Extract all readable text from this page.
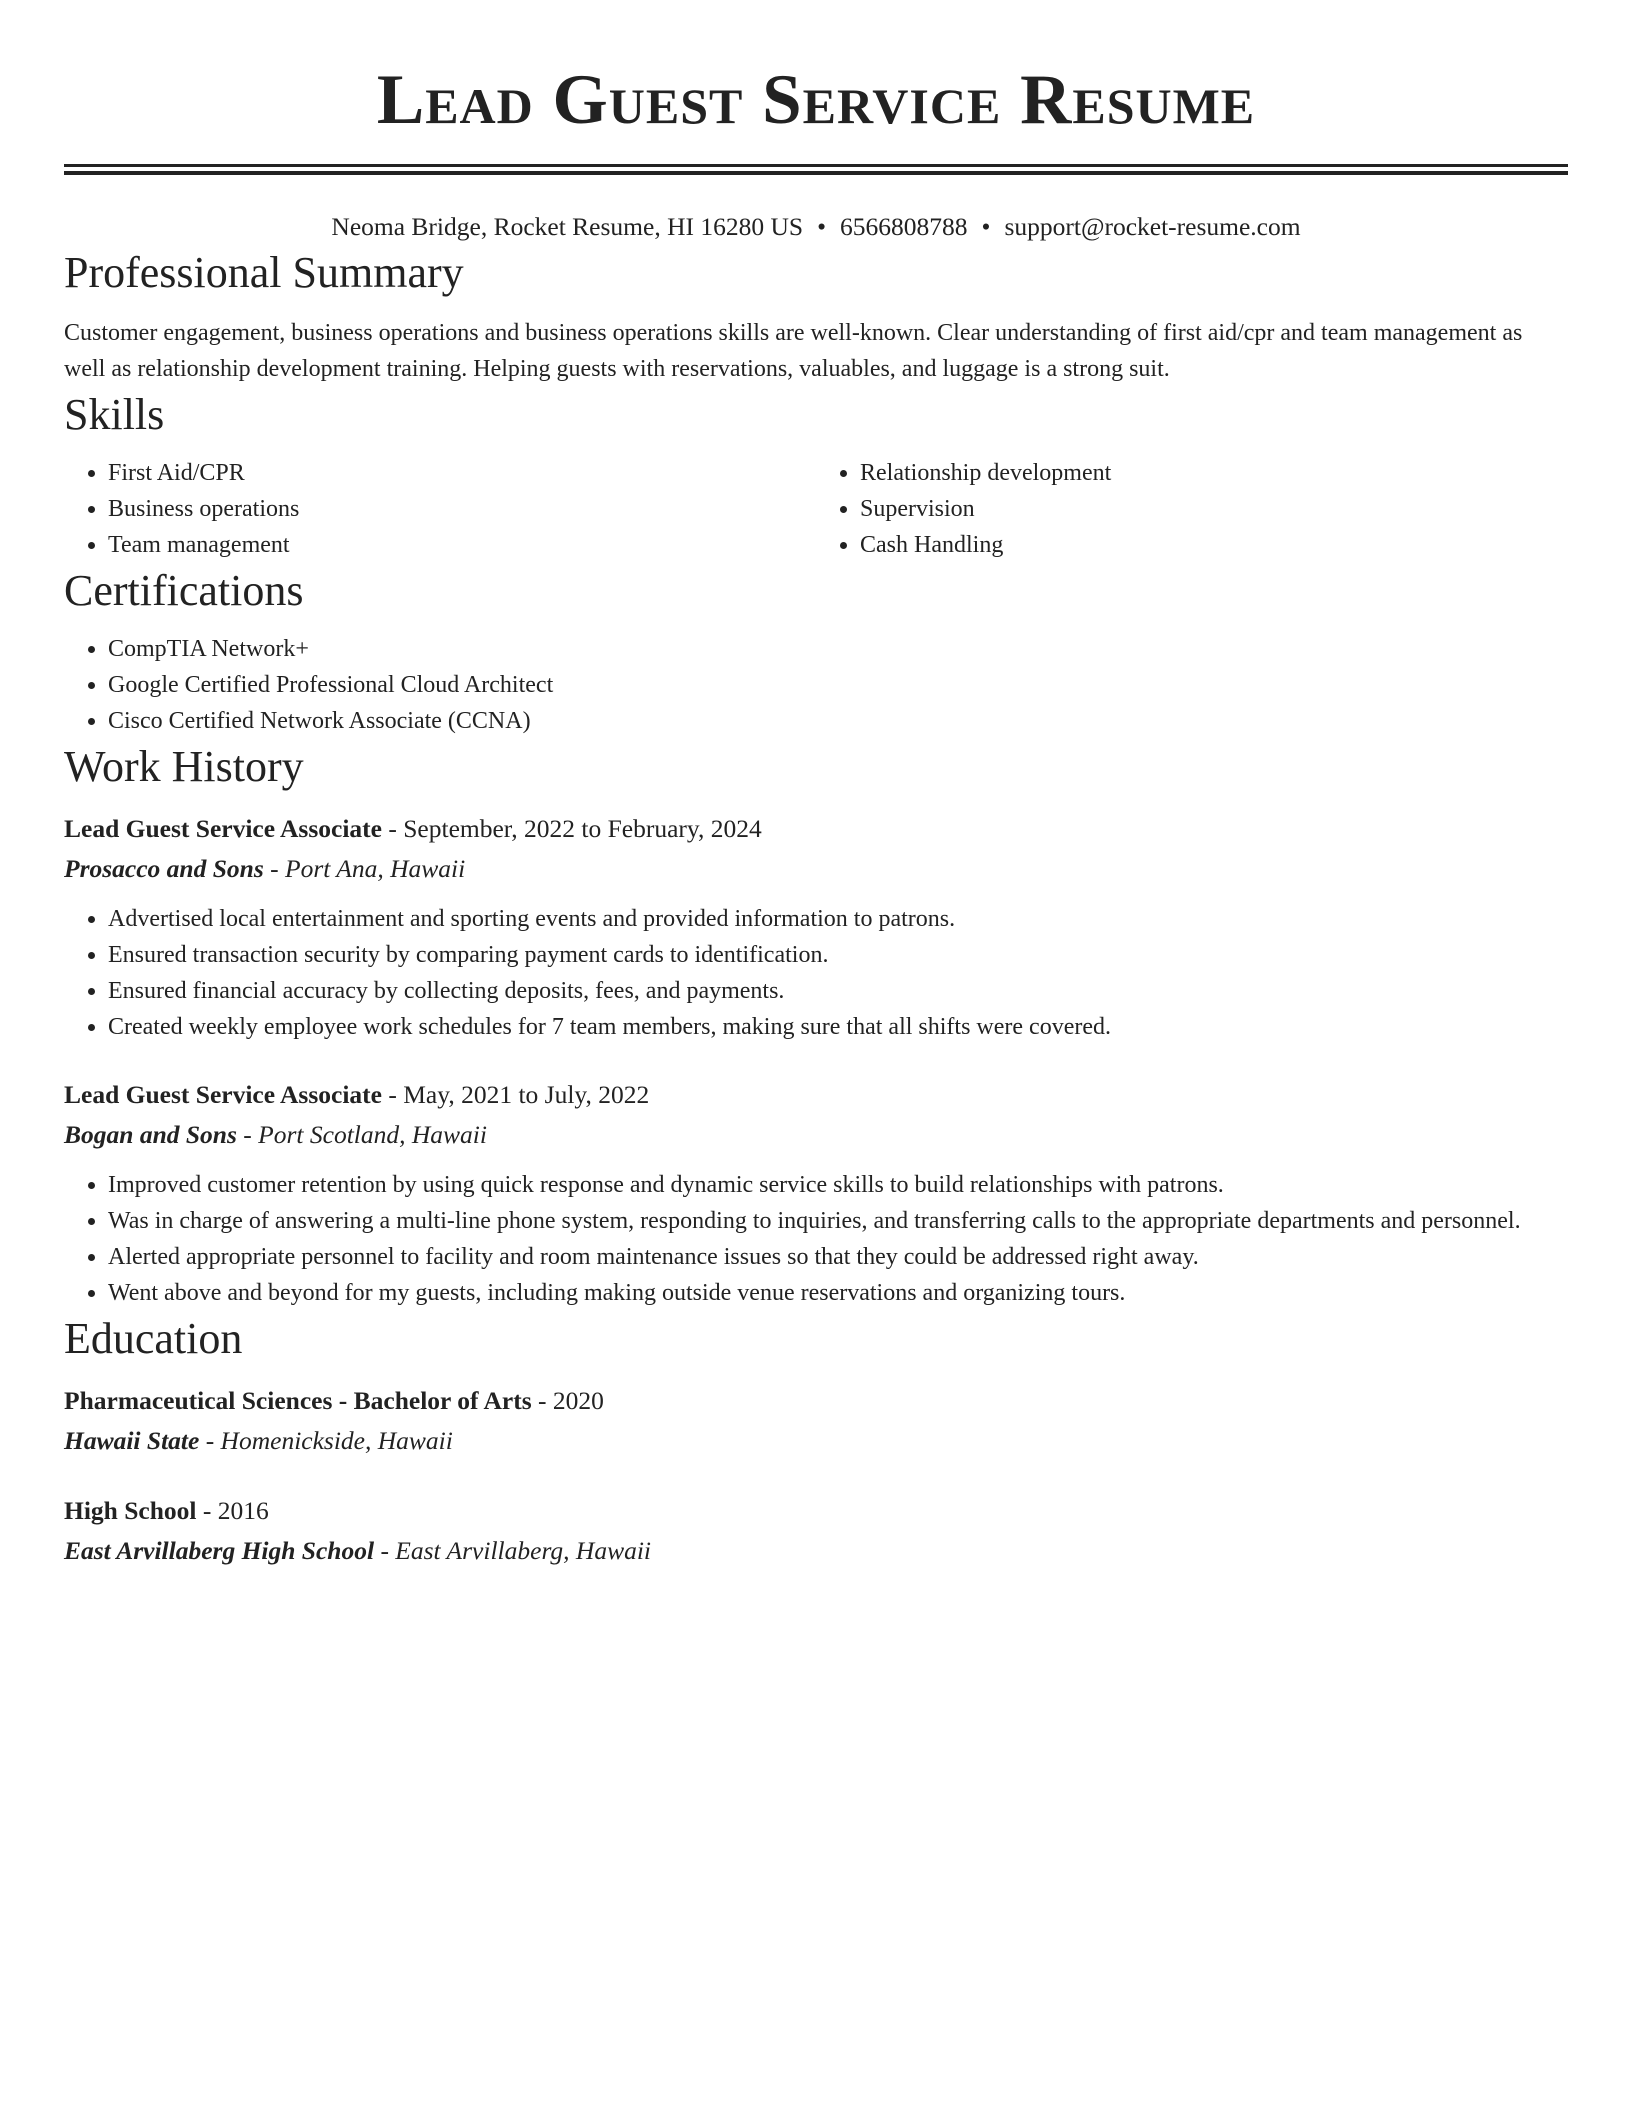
Lead Guest Service Resume
Neoma Bridge, Rocket Resume, HI 16280 US • 6566808788 • support@rocket-resume.com
Professional Summary

Customer engagement, business operations and business operations skills are well-known. Clear understanding of first aid/cpr and team management as well as relationship development training. Helping guests with reservations, valuables, and luggage is a strong suit.

Skills
• First Aid/CPR
• Business operations
• Team management
• Relationship development
• Supervision
• Cash Handling
Certifications
• CompTIA Network+
• Google Certified Professional Cloud Architect
• Cisco Certified Network Associate (CCNA)
Work History
Lead Guest Service Associate - September, 2022 to February, 2024
Prosacco and Sons - Port Ana, Hawaii
• Advertised local entertainment and sporting events and provided information to patrons.
• Ensured transaction security by comparing payment cards to identification.
• Ensured financial accuracy by collecting deposits, fees, and payments.
• Created weekly employee work schedules for 7 team members, making sure that all shifts were covered.
Lead Guest Service Associate - May, 2021 to July, 2022
Bogan and Sons - Port Scotland, Hawaii
• Improved customer retention by using quick response and dynamic service skills to build relationships with patrons.
• Was in charge of answering a multi-line phone system, responding to inquiries, and transferring calls to the appropriate departments and personnel.
• Alerted appropriate personnel to facility and room maintenance issues so that they could be addressed right away.
• Went above and beyond for my guests, including making outside venue reservations and organizing tours.
Education
Pharmaceutical Sciences - Bachelor of Arts - 2020
Hawaii State - Homenickside, Hawaii
High School - 2016
East Arvillaberg High School - East Arvillaberg, Hawaii
